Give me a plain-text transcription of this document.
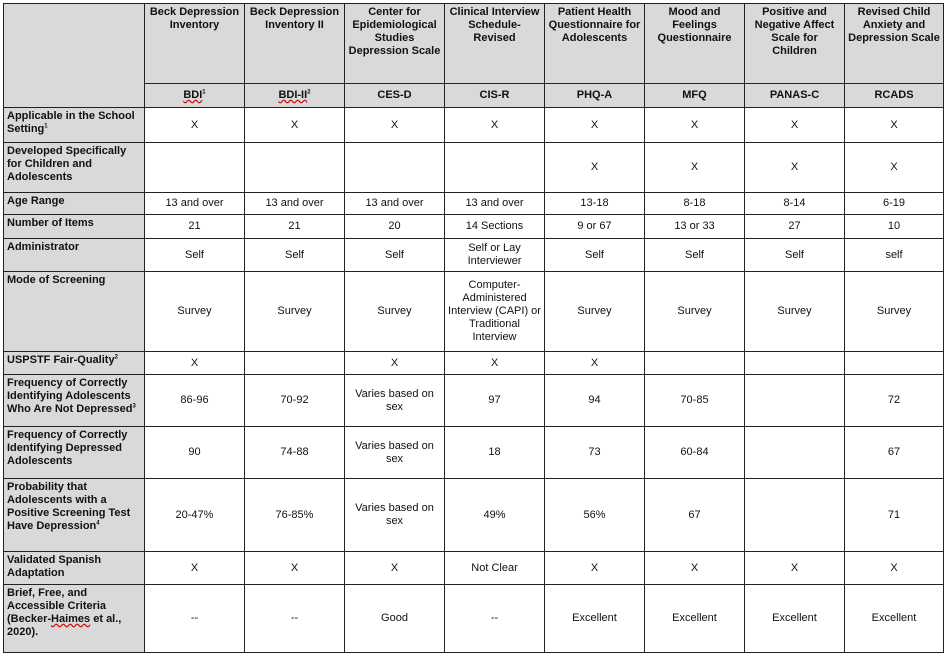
	Beck Depression Inventory	Beck Depression Inventory II	Center for Epidemiological Studies Depression Scale	Clinical Interview Schedule-Revised	Patient Health Questionnaire for Adolescents	Mood and Feelings Questionnaire	Positive and Negative Affect Scale for Children	Revised Child Anxiety and Depression Scale
	BDI$^1$	BDI-$II^2$	CES-D	CIS-R	PHQ-A	MFQ	PANAS-C	RCADS
Applicable in the School Setting$^1$	X	X	X	X	X	X	X	X
Developed Specifically for Children and Adolescents					X	X	X	X
Age Range	13 and over	13 and over	13 and over	13 and over	13-18	8-18	8-14	6-19
Number of Items	21	21	20	14 Sections	9 or 67	13 or 33	27	10
Administrator	Self	Self	Self	Self or Lay Interviewer	Self	Self	Self	self
Mode of Screening	Survey	Survey	Survey	Computer-Administered Interview (CAPI) or Traditional Interview	Survey	Survey	Survey	Survey
USPSTF Fair-Quality$^2$	X		X	X	X			
Frequency of Correctly Identifying Adolescents Who Are Not Depressed$^3$	86-96	70-92	Varies based on sex	97	94	70-85		72
Frequency of Correctly Identifying Depressed Adolescents	90	74-88	Varies based on sex	18	73	60-84		67
Probability that Adolescents with a Positive Screening Test Have Depression$^4$	20-47%	76-85%	Varies based on sex	49%	56%	67		71
Validated Spanish Adaptation	X	X	X	Not Clear	X	X	X	X
Brief, Free, and Accessible Criteria (Becker-Haimes et al., 2020).	--	--	Good	--	Excellent	Excellent	Excellent	Excellent
